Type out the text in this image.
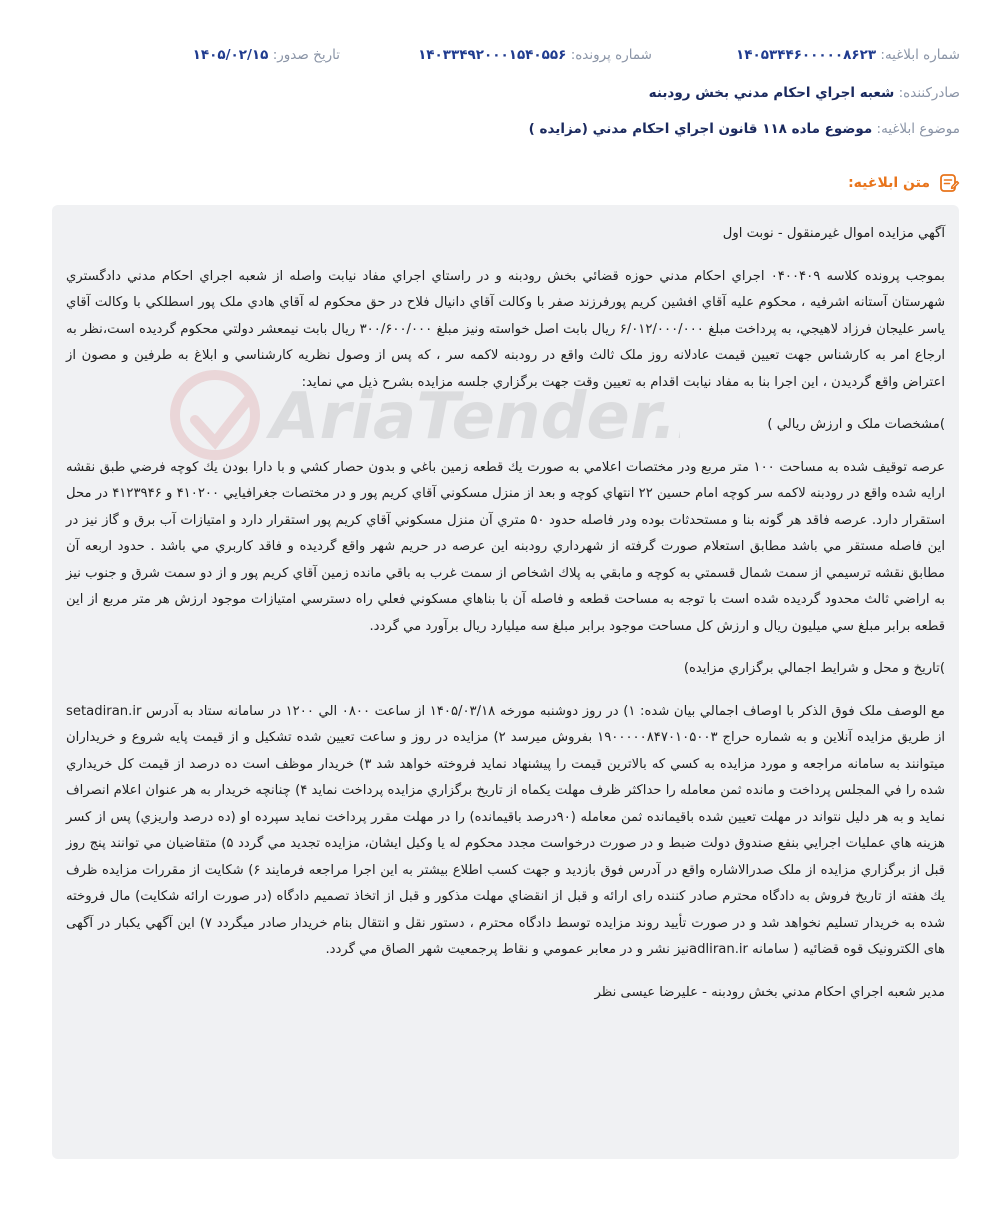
شماره ابلاغيه: ۱۴۰۵۳۴۴۶۰۰۰۰۰۸۶۲۳
شماره پرونده: ۱۴۰۳۳۴۹۲۰۰۰۱۵۴۰۵۵۶
تاريخ صدور: ۱۴۰۵/۰۲/۱۵
صادرکننده: شعبه اجراي احکام مدني بخش رودبنه
موضوع ابلاغيه: موضوع ماده ۱۱۸ قانون اجراي احکام مدني (مزايده )
متن ابلاغيه:

آگهي مزايده اموال غيرمنقول - نوبت اول

بموجب پرونده کلاسه ۰۴۰۰۴۰۹ اجراي احکام مدني حوزه قضائي بخش رودبنه و در راستاي اجراي مفاد نيابت واصله از شعبه اجراي احکام مدني دادگستري شهرستان آستانه اشرفيه ، محکوم عليه آقاي افشين کريم پورفرزند صفر با وکالت آقاي دانيال فلاح در حق محکوم له آقاي هادي ملک پور اسطلکي با وکالت آقاي ياسر عليجان فرزاد لاهيجي، به پرداخت مبلغ ۶/۰۱۲/۰۰۰/۰۰۰ ريال بابت اصل خواسته ونيز مبلغ ۳۰۰/۶۰۰/۰۰۰ ريال بابت نيمعشر دولتي محکوم گرديده است،نظر به ارجاع امر به کارشناس جهت تعيين قيمت عادلانه روز ملک ثالث واقع در رودبنه لاکمه سر ، که پس از وصول نظريه کارشناسي و ابلاغ به طرفين و مصون از اعتراض واقع گرديدن ، اين اجرا بنا به مفاد نيابت اقدام به تعيين وقت جهت برگزاري جلسه مزايده بشرح ذيل مي نمايد:

)مشخصات ملک و ارزش ريالي )

عرصه توقيف شده به مساحت ۱۰۰ متر مربع ودر مختصات اعلامي به صورت يك قطعه زمين باغي و بدون حصار کشي و با دارا بودن يك کوچه فرضي طبق نقشه ارايه شده واقع در رودبنه لاکمه سر کوچه امام حسين ۲۲ انتهاي کوچه و بعد از منزل مسکوني آقاي کريم پور و در مختصات جغرافيايي ۴۱۰۲۰۰ و ۴۱۲۳۹۴۶ در محل استقرار دارد. عرصه فاقد هر گونه بنا و مستحدثات بوده ودر فاصله حدود ۵۰ متري آن منزل مسکوني آقاي کريم پور استقرار دارد و امتيازات آب برق و گاز نيز در اين فاصله مستقر مي باشد مطابق استعلام صورت گرفته از شهرداري رودبنه اين عرصه در حريم شهر واقع گرديده و فاقد کاربري مي باشد . حدود اربعه آن مطابق نقشه ترسيمي از سمت شمال قسمتي به کوچه و مابقي به پلاك اشخاص از سمت غرب به باقي مانده زمين آقاي کريم پور و از دو سمت شرق و جنوب نيز به اراضي ثالث محدود گرديده شده است با توجه به مساحت قطعه و فاصله آن با بناهاي مسکوني فعلي راه دسترسي امتيازات موجود ارزش هر متر مربع از اين قطعه برابر مبلغ سي ميليون ريال و ارزش کل مساحت موجود برابر مبلغ سه ميليارد ريال برآورد مي گردد.

)تاريخ و محل و شرايط اجمالي برگزاري مزايده)

مع الوصف ملک فوق الذکر با اوصاف اجمالي بيان شده: ۱) در روز دوشنبه مورخه ۱۴۰۵/۰۳/۱۸ از ساعت ۰۸۰۰ الي ۱۲۰۰ در سامانه ستاد به آدرس setadiran.ir از طريق مزايده آنلاين و به شماره حراج ۱۹۰۰۰۰۰۸۴۷۰۱۰۵۰۰۳ بفروش ميرسد ۲) مزايده در روز و ساعت تعيين شده تشکيل و از قيمت پايه شروع و خريداران ميتوانند به سامانه مراجعه و مورد مزايده به کسي که بالاترين قيمت را پيشنهاد نمايد فروخته خواهد شد ۳) خريدار موظف است ده درصد از قيمت کل خريداري شده را في المجلس پرداخت و مانده ثمن معامله را حداکثر ظرف مهلت يکماه از تاريخ برگزاري مزايده پرداخت نمايد ۴) چنانچه خريدار به هر عنوان اعلام انصراف نمايد و به هر دليل نتواند در مهلت تعيين شده باقيمانده ثمن معامله (۹۰درصد باقيمانده) را در مهلت مقرر پرداخت نمايد سپرده او (ده درصد واريزي) پس از کسر هزينه هاي عمليات اجرايي بنفع صندوق دولت ضبط و در صورت درخواست مجدد محکوم له يا وکيل ايشان، مزايده تجديد مي گردد ۵) متقاضيان مي توانند پنج روز قبل از برگزاري مزايده از ملک صدرالاشاره واقع در آدرس فوق بازديد و جهت کسب اطلاع بيشتر به اين اجرا مراجعه فرمايند ۶) شکايت از مقررات مزايده ظرف يك هفته از تاريخ فروش به دادگاه محترم صادر کننده راى ارائه و قبل از انقضاي مهلت مذکور و قبل از اتخاذ تصميم دادگاه (در صورت ارائه شکايت) مال فروخته شده به خريدار تسليم نخواهد شد و در صورت تأييد روند مزايده توسط دادگاه محترم ، دستور نقل و انتقال بنام خريدار صادر ميگردد ۷) اين آگهي يکبار در آگهی های الکترونيک قوه قضائيه ( سامانه adliran.irنيز نشر و در معابر عمومي و نقاط پرجمعيت شهر الصاق مي گردد.

مدير شعبه اجراي احکام مدني بخش رودبنه - عليرضا عيسى نظر
